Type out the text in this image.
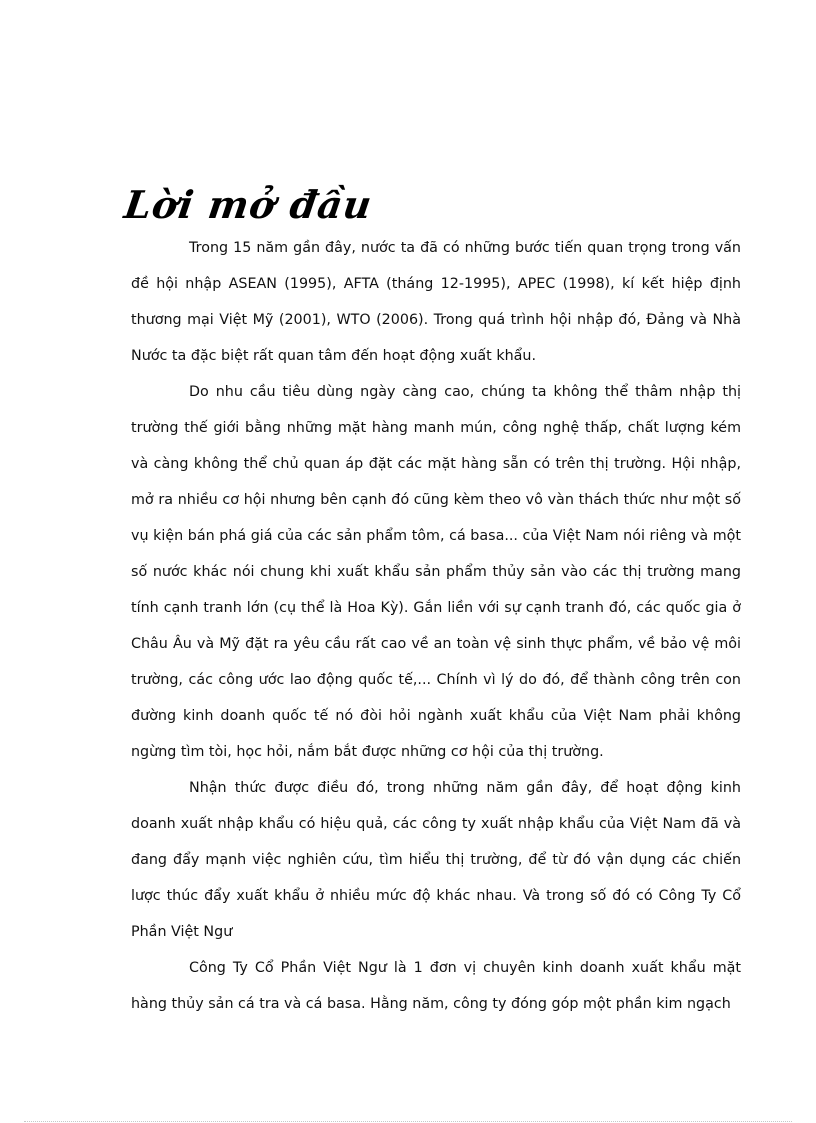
Lời mở đầu

Trong 15 năm gần đây, nước ta đã có những bước tiến quan trọng trong vấn đề hội nhập ASEAN (1995), AFTA (tháng 12-1995), APEC (1998), kí kết hiệp định thương mại Việt Mỹ (2001), WTO (2006). Trong quá trình hội nhập đó, Đảng và Nhà Nước ta đặc biệt rất quan tâm đến hoạt động xuất khẩu.

Do nhu cầu tiêu dùng ngày càng cao, chúng ta không thể thâm nhập thị trường thế giới bằng những mặt hàng manh mún, công nghệ thấp, chất lượng kém và càng không thể chủ quan áp đặt các mặt hàng sẵn có trên thị trường. Hội nhập, mở ra nhiều cơ hội nhưng bên cạnh đó cũng kèm theo vô vàn thách thức như một số vụ kiện bán phá giá của các sản phẩm tôm, cá basa... của Việt Nam nói riêng và một số nước khác nói chung khi xuất khẩu sản phẩm thủy sản vào các thị trường mang tính cạnh tranh lớn (cụ thể là Hoa Kỳ). Gắn liền với sự cạnh tranh đó, các quốc gia ở Châu Âu và Mỹ đặt ra yêu cầu rất cao về an toàn vệ sinh thực phẩm, về bảo vệ môi trường, các công ước lao động quốc tế,... Chính vì lý do đó, để thành công trên con đường kinh doanh quốc tế nó đòi hỏi ngành xuất khẩu của Việt Nam phải không ngừng tìm tòi, học hỏi, nắm bắt được những cơ hội của thị trường.

Nhận thức được điều đó, trong những năm gần đây, để hoạt động kinh doanh xuất nhập khẩu có hiệu quả, các công ty xuất nhập khẩu của Việt Nam đã và đang đẩy mạnh việc nghiên cứu, tìm hiểu thị trường, để từ đó vận dụng các chiến lược thúc đẩy xuất khẩu ở nhiều mức độ khác nhau. Và trong số đó có Công Ty Cổ Phần Việt Ngư

Công Ty Cổ Phần Việt Ngư là 1 đơn vị chuyên kinh doanh xuất khẩu mặt hàng thủy sản cá tra và cá basa. Hằng năm, công ty đóng góp một phần kim ngạch
